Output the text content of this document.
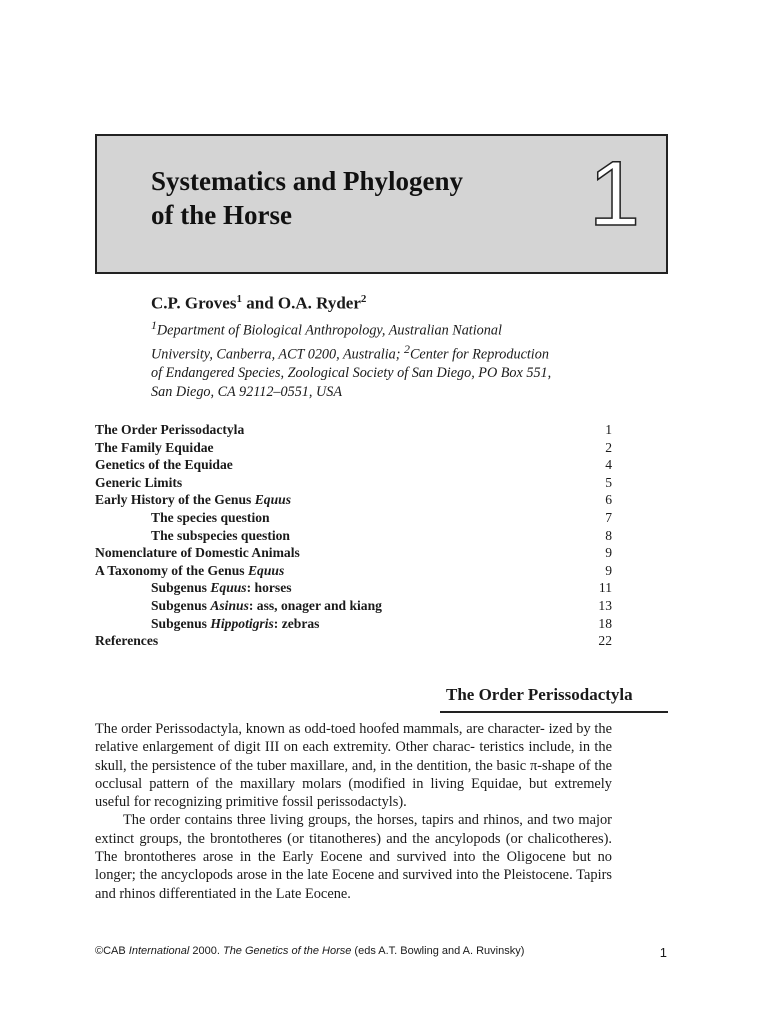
Systematics and Phylogeny
of the Horse	1
C.P. Groves$^1$ and O.A. Ryder$^2$
$^1$Department of Biological Anthropology, Australian National
University, Canberra, ACT 0200, Australia; $^2$Center for Reproduction
of Endangered Species, Zoological Society of San Diego, PO Box 551,
San Diego, CA 92112–0551, USA
The Order Perissodactyla	1
The Family Equidae	2
Genetics of the Equidae	4
Generic Limits	5
Early History of the Genus Equus	6
The species question	7
The subspecies question	8
Nomenclature of Domestic Animals	9
A Taxonomy of the Genus Equus	9
Subgenus Equus: horses	11
Subgenus Asinus: ass, onager and kiang	13
Subgenus Hippotigris: zebras	18
References	22
The Order Perissodactyla

The order Perissodactyla, known as odd-toed hoofed mammals, are character- ized by the relative enlargement of digit III on each extremity. Other charac- teristics include, in the skull, the persistence of the tuber maxillare, and, in the dentition, the basic π-shape of the occlusal pattern of the maxillary molars (modified in living Equidae, but extremely useful for recognizing primitive fossil perissodactyls).

The order contains three living groups, the horses, tapirs and rhinos, and two major extinct groups, the brontotheres (or titanotheres) and the ancylopods (or chalicotheres). The brontotheres arose in the Early Eocene and survived into the Oligocene but no longer; the ancyclopods arose in the late Eocene and survived into the Pleistocene. Tapirs and rhinos differentiated in the Late Eocene.

©CAB International 2000. The Genetics of the Horse (eds A.T. Bowling and A. Ruvinsky)	1
